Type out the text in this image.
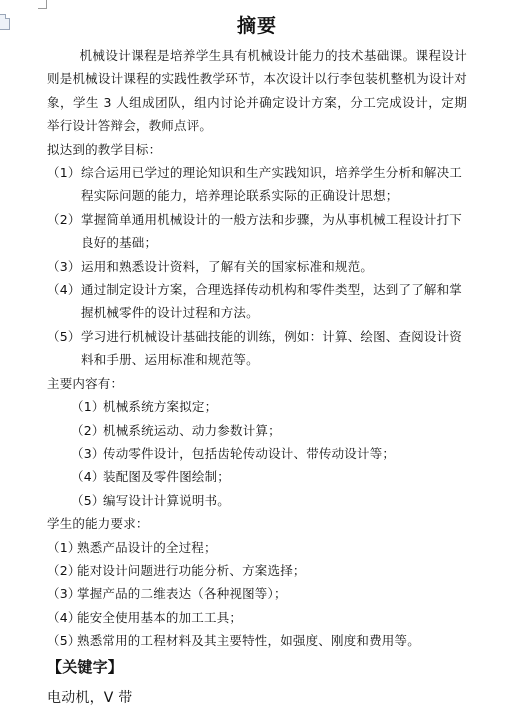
摘要

机械设计课程是培养学生具有机械设计能力的技术基础课。课程设计则是机械设计课程的实践性教学环节，本次设计以行李包装机整机为设计对象，学生 3 人组成团队，组内讨论并确定设计方案，分工完成设计，定期举行设计答辩会，教师点评。

拟达到的教学目标：

（1） 综合运用已学过的理论知识和生产实践知识，培养学生分析和解决工程实际问题的能力，培养理论联系实际的正确设计思想；
（2） 掌握简单通用机械设计的一般方法和步骤，为从事机械工程设计打下良好的基础；
（3） 运用和熟悉设计资料，了解有关的国家标准和规范。
（4） 通过制定设计方案，合理选择传动机构和零件类型，达到了了解和掌握机械零件的设计过程和方法。
（5） 学习进行机械设计基础技能的训练，例如：计算、绘图、查阅设计资料和手册、运用标准和规范等。

主要内容有：

（1）
机械系统方案拟定；
（2）
机械系统运动、动力参数计算；
（3）
传动零件设计，包括齿轮传动设计、带传动设计等；
（4）
装配图及零件图绘制；
（5）
编写设计计算说明书。

学生的能力要求：

（1）
熟悉产品设计的全过程；
（2）
能对设计问题进行功能分析、方案选择；
（3）
掌握产品的二维表达（各种视图等）；
（4）
能安全使用基本的加工工具；
（5）
熟悉常用的工程材料及其主要特性，如强度、刚度和费用等。
【关键字】
电动机，V 带
